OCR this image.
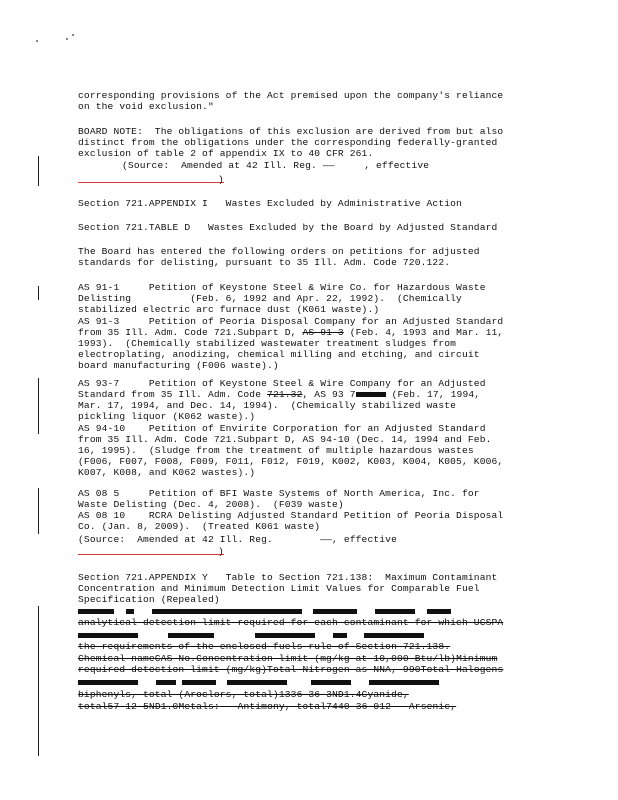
corresponding provisions of the Act premised upon the company's reliance
on the void exclusion."
BOARD NOTE:  The obligations of this exclusion are derived from but also
distinct from the obligations under the corresponding federally-granted
exclusion of table 2 of appendix IX to 40 CFR 261.
(Source:  Amended at 42 Ill. Reg. ——     , effective
)
Section 721.APPENDIX I   Wastes Excluded by Administrative Action
Section 721.TABLE D   Wastes Excluded by the Board by Adjusted Standard
The Board has entered the following orders on petitions for adjusted
standards for delisting, pursuant to 35 Ill. Adm. Code 720.122.
AS 91-1     Petition of Keystone Steel & Wire Co. for Hazardous Waste
Delisting          (Feb. 6, 1992 and Apr. 22, 1992).  (Chemically
stabilized electric arc furnace dust (K061 waste).)
AS 91-3     Petition of Peoria Disposal Company for an Adjusted Standard
from 35 Ill. Adm. Code 721.Subpart D, AS 91-3 (Feb. 4, 1993 and Mar. 11,
1993).  (Chemically stabilized wastewater treatment sludges from
electroplating, anodizing, chemical milling and etching, and circuit
board manufacturing (F006 waste).)
AS 93-7     Petition of Keystone Steel & Wire Company for an Adjusted
Standard from 35 Ill. Adm. Code 721.32, AS 93 7	(Feb. 17, 1994,
Mar. 17, 1994, and Dec. 14, 1994).  (Chemically stabilized waste
pickling liquor (K062 waste).)
AS 94-10    Petition of Envirite Corporation for an Adjusted Standard
from 35 Ill. Adm. Code 721.Subpart D, AS 94-10 (Dec. 14, 1994 and Feb.
16, 1995).  (Sludge from the treatment of multiple hazardous wastes
(F006, F007, F008, F009, F011, F012, F019, K002, K003, K004, K005, K006,
K007, K008, and K062 wastes).)
AS 08 5     Petition of BFI Waste Systems of North America, Inc. for
Waste Delisting (Dec. 4, 2008).  (F039 waste)
AS 08 10    RCRA Delisting Adjusted Standard Petition of Peoria Disposal
Co. (Jan. 8, 2009).  (Treated K061 waste)
(Source:  Amended at 42 Ill. Reg.        ——, effective
)
Section 721.APPENDIX Y   Table to Section 721.138:  Maximum Contaminant
Concentration and Minimum Detection Limit Values for Comparable Fuel
Specification (Repealed)

analytical detection limit required for each contaminant for which UCSPA

the requirements of the enclosed fuels rule of Section 721.138.
Chemical nameCAS No.Concentration limit (mg/kg at 10,000 Btu/lb)Minimum
required detection limit (mg/kg)Total Nitrogen as NNA, 990Total Halogens

biphenyls, total (Aroclors, total)1336-36-3ND1.4Cyanide,
total57-12-5ND1.0Metals: Antimony, total7440-36-012 Arsenic,
